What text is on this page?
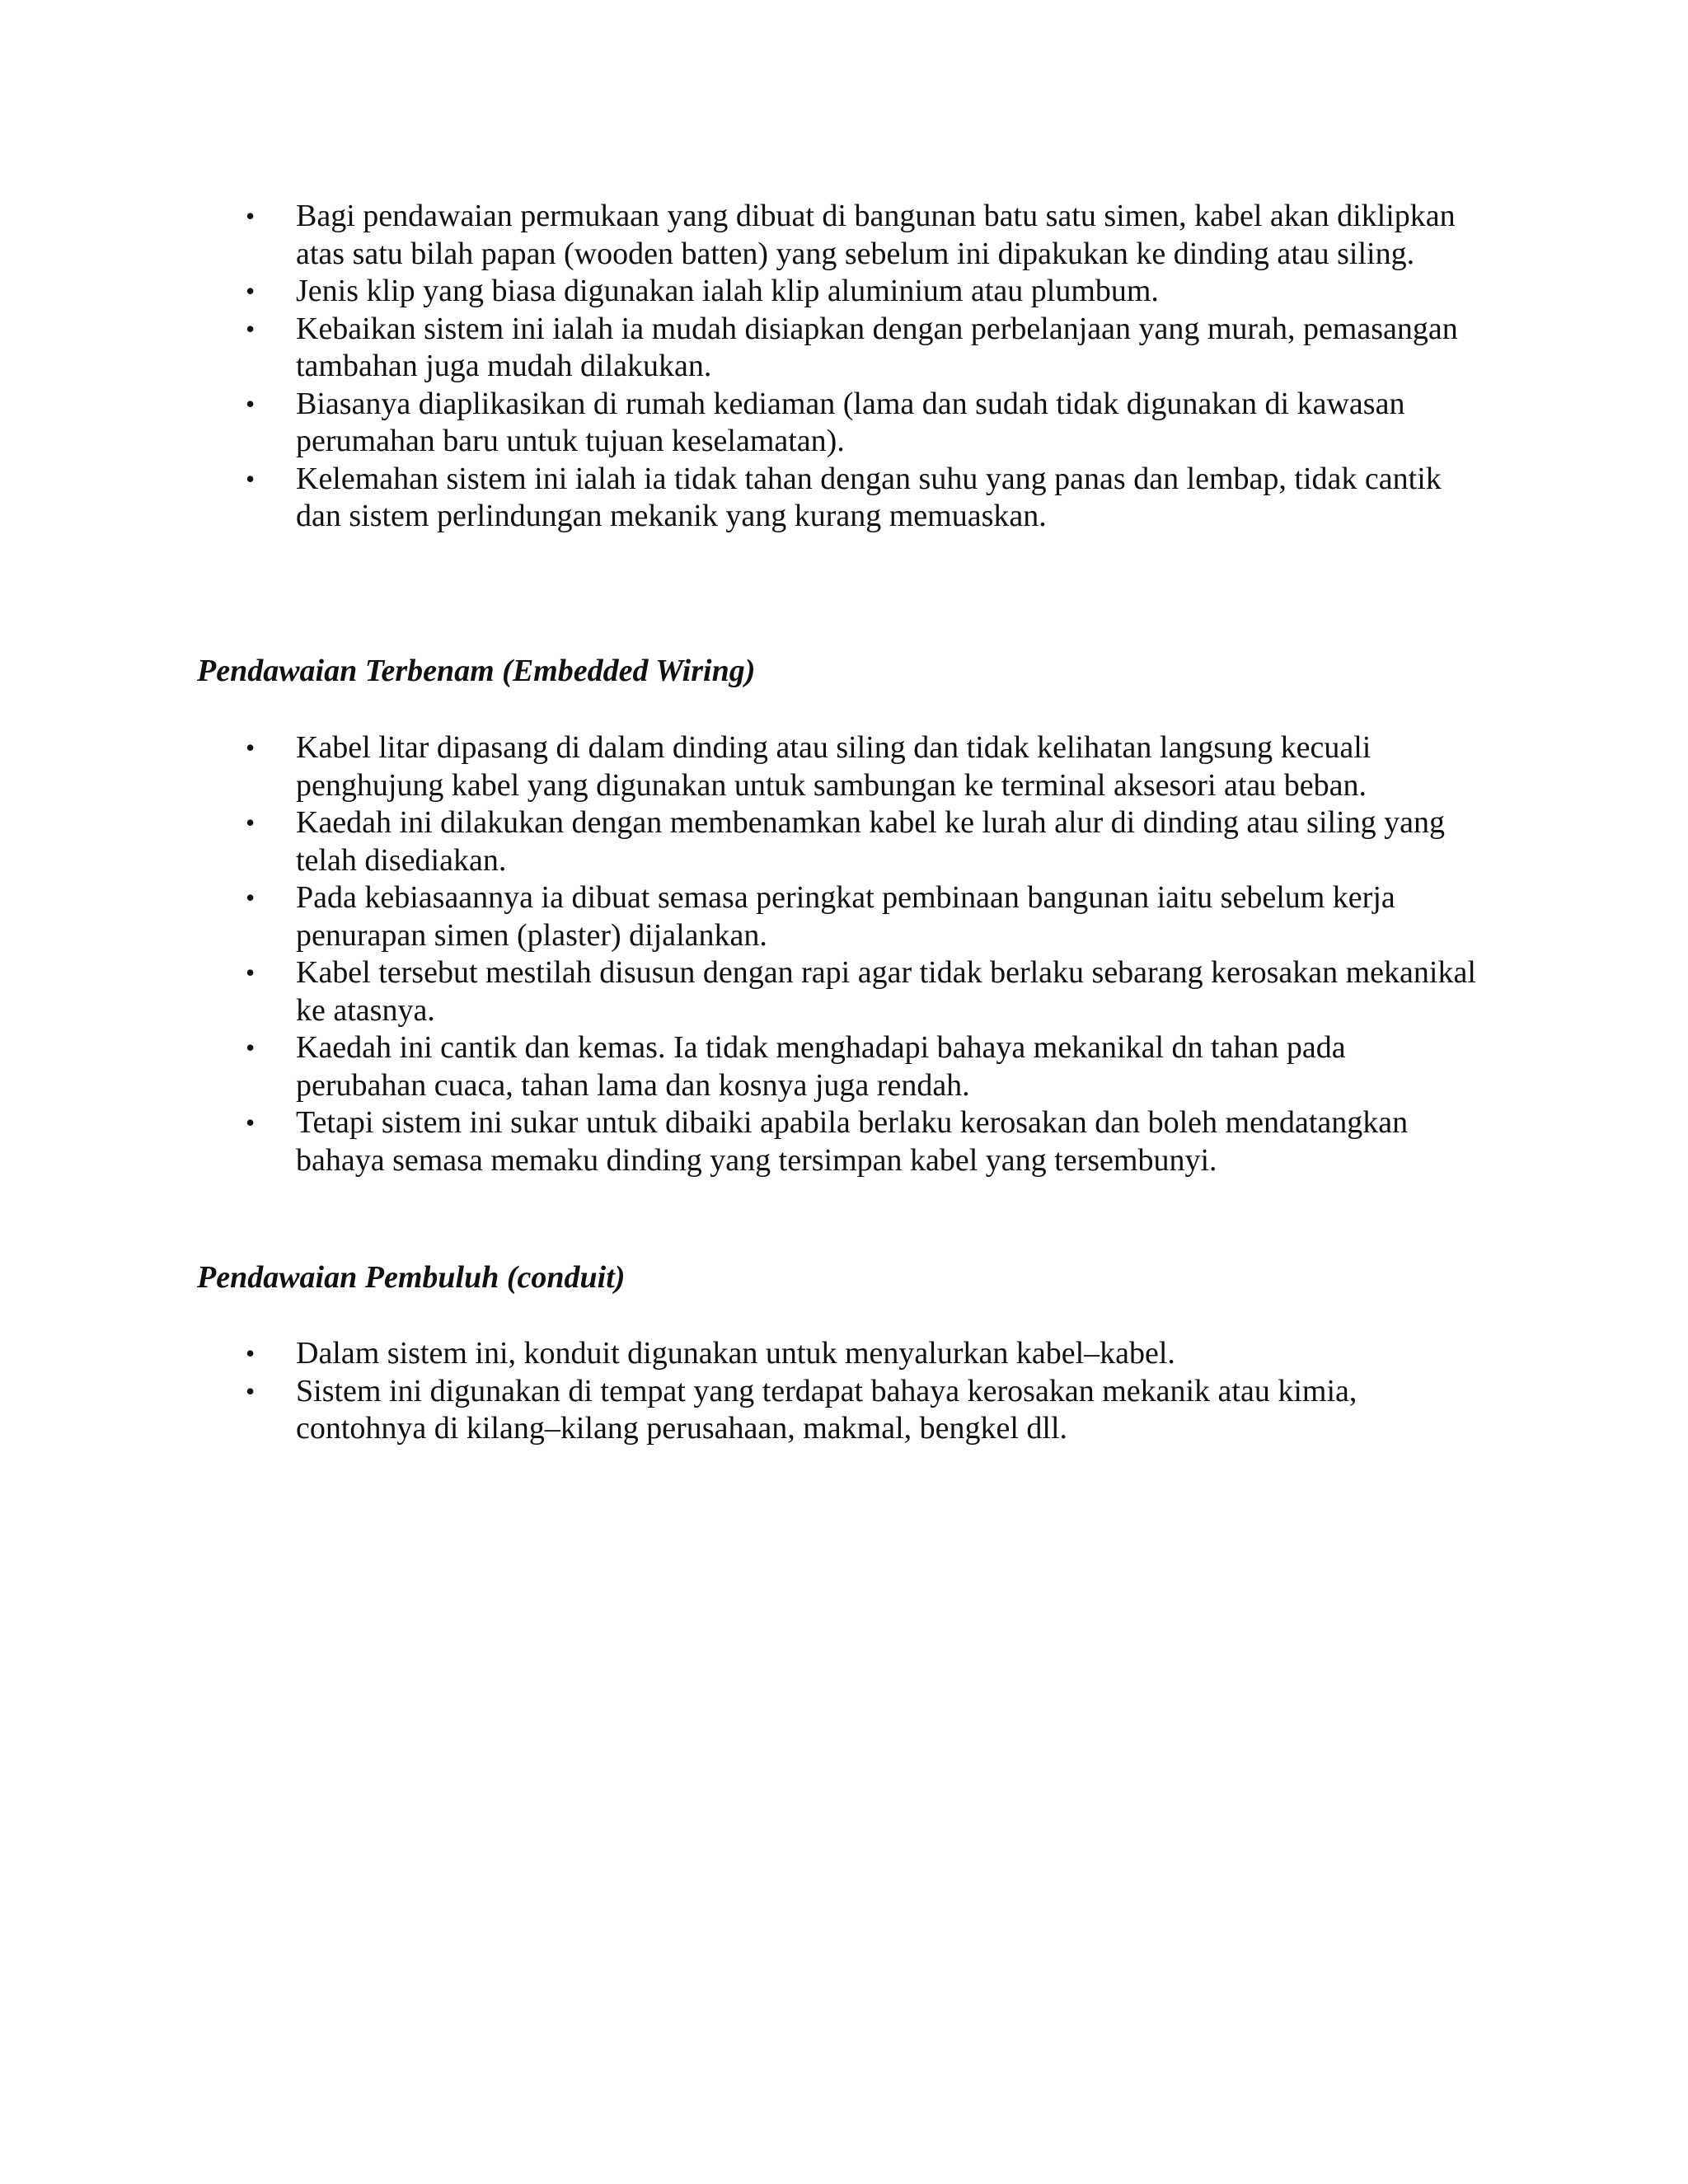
• Bagi pendawaian permukaan yang dibuat di bangunan batu satu simen, kabel akan diklipkan atas satu bilah papan (wooden batten) yang sebelum ini dipakukan ke dinding atau siling.
• Jenis klip yang biasa digunakan ialah klip aluminium atau plumbum.
• Kebaikan sistem ini ialah ia mudah disiapkan dengan perbelanjaan yang murah, pemasangan tambahan juga mudah dilakukan.
• Biasanya diaplikasikan di rumah kediaman (lama dan sudah tidak digunakan di kawasan perumahan baru untuk tujuan keselamatan).
• Kelemahan sistem ini ialah ia tidak tahan dengan suhu yang panas dan lembap, tidak cantik dan sistem perlindungan mekanik yang kurang memuaskan.
Pendawaian Terbenam (Embedded Wiring)
• Kabel litar dipasang di dalam dinding atau siling dan tidak kelihatan langsung kecuali penghujung kabel yang digunakan untuk sambungan ke terminal aksesori atau beban.
• Kaedah ini dilakukan dengan membenamkan kabel ke lurah alur di dinding atau siling yang telah disediakan.
• Pada kebiasaannya ia dibuat semasa peringkat pembinaan bangunan iaitu sebelum kerja penurapan simen (plaster) dijalankan.
• Kabel tersebut mestilah disusun dengan rapi agar tidak berlaku sebarang kerosakan mekanikal ke atasnya.
• Kaedah ini cantik dan kemas. Ia tidak menghadapi bahaya mekanikal dn tahan pada perubahan cuaca, tahan lama dan kosnya juga rendah.
• Tetapi sistem ini sukar untuk dibaiki apabila berlaku kerosakan dan boleh mendatangkan bahaya semasa memaku dinding yang tersimpan kabel yang tersembunyi.
Pendawaian Pembuluh (conduit)
• Dalam sistem ini, konduit digunakan untuk menyalurkan kabel–kabel.
• Sistem ini digunakan di tempat yang terdapat bahaya kerosakan mekanik atau kimia, contohnya di kilang–kilang perusahaan, makmal, bengkel dll.
